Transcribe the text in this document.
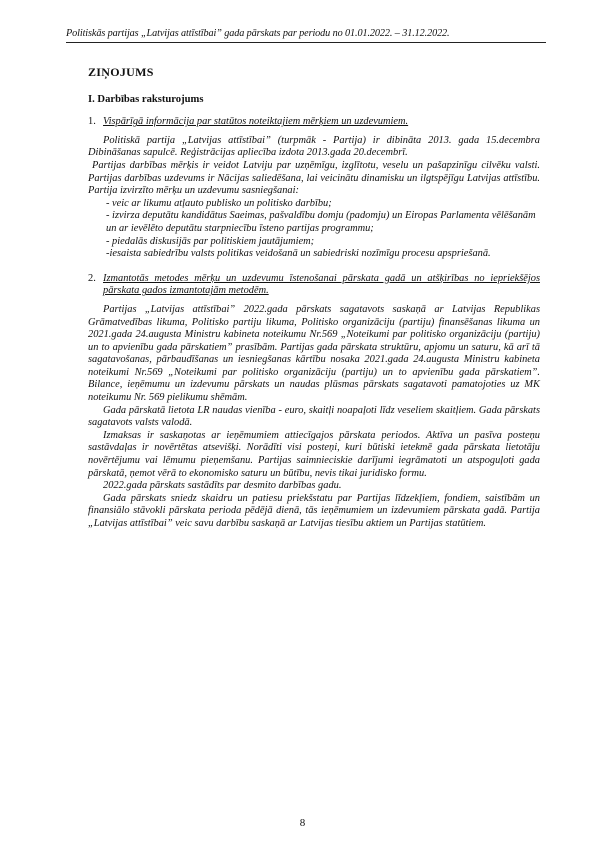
Politiskās partijas „Latvijas attīstībai” gada pārskats par periodu no 01.01.2022. – 31.12.2022.
ZIŅOJUMS
I. Darbības raksturojums
1. Vispārīgā informācija par statūtos noteiktajiem mērķiem un uzdevumiem.

Politiskā partija „Latvijas attīstībai” (turpmāk - Partija) ir dibināta 2013. gada 15.decembra Dibināšanas sapulcē. Reģistrācijas apliecība izdota 2013.gada 20.decembrī.

Partijas darbības mērķis ir veidot Latviju par uzņēmīgu, izglītotu, veselu un pašapzinīgu cilvēku valsti. Partijas darbības uzdevums ir Nācijas saliedēšana, lai veicinātu dinamisku un ilgtspējīgu Latvijas attīstību. Partija izvirzīto mērķu un uzdevumu sasniegšanai:

- veic ar likumu atļauto publisko un politisko darbību;

- izvirza deputātu kandidātus Saeimas, pašvaldību domju (padomju) un Eiropas Parlamenta vēlēšanām un ar ievēlēto deputātu starpniecību īsteno partijas programmu;

- piedalās diskusijās par politiskiem jautājumiem;

-iesaista sabiedrību valsts politikas veidošanā un sabiedriski nozīmīgu procesu apspriešanā.

2. Izmantotās metodes mērķu un uzdevumu īstenošanai pārskata gadā un atšķirības no iepriekšējos pārskata gados izmantotajām metodēm.

Partijas „Latvijas attīstībai” 2022.gada pārskats sagatavots saskaņā ar Latvijas Republikas Grāmatvedības likuma, Politisko partiju likuma, Politisko organizāciju (partiju) finansēšanas likuma un 2021.gada 24.augusta Ministru kabineta noteikumu Nr.569 „Noteikumi par politisko organizāciju (partiju) un to apvienību gada pārskatiem” prasībām. Partijas gada pārskata struktūru, apjomu un saturu, kā arī tā sagatavošanas, pārbaudīšanas un iesniegšanas kārtību nosaka 2021.gada 24.augusta Ministru kabineta noteikumi Nr.569 „Noteikumi par politisko organizāciju (partiju) un to apvienību gada pārskatiem”. Bilance, ieņēmumu un izdevumu pārskats un naudas plūsmas pārskats sagatavoti pamatojoties uz MK noteikumu Nr. 569 pielikumu shēmām.

Gada pārskatā lietota LR naudas vienība - euro, skaitļi noapaļoti līdz veseliem skaitļiem. Gada pārskats sagatavots valsts valodā.

Izmaksas ir saskaņotas ar ieņēmumiem attiecīgajos pārskata periodos. Aktīva un pasīva posteņu sastāvdaļas ir novērtētas atsevišķi. Norādīti visi posteņi, kuri būtiski ietekmē gada pārskata lietotāju novērtējumu vai lēmumu pieņemšanu. Partijas saimnieciskie darījumi iegrāmatoti un atspoguļoti gada pārskatā, ņemot vērā to ekonomisko saturu un būtību, nevis tikai juridisko formu.

2022.gada pārskats sastādīts par desmito darbības gadu.

Gada pārskats sniedz skaidru un patiesu priekšstatu par Partijas līdzekļiem, fondiem, saistībām un finansiālo stāvokli pārskata perioda pēdējā dienā, tās ieņēmumiem un izdevumiem pārskata gadā. Partija „Latvijas attīstībai” veic savu darbību saskaņā ar Latvijas tiesību aktiem un Partijas statūtiem.

8
